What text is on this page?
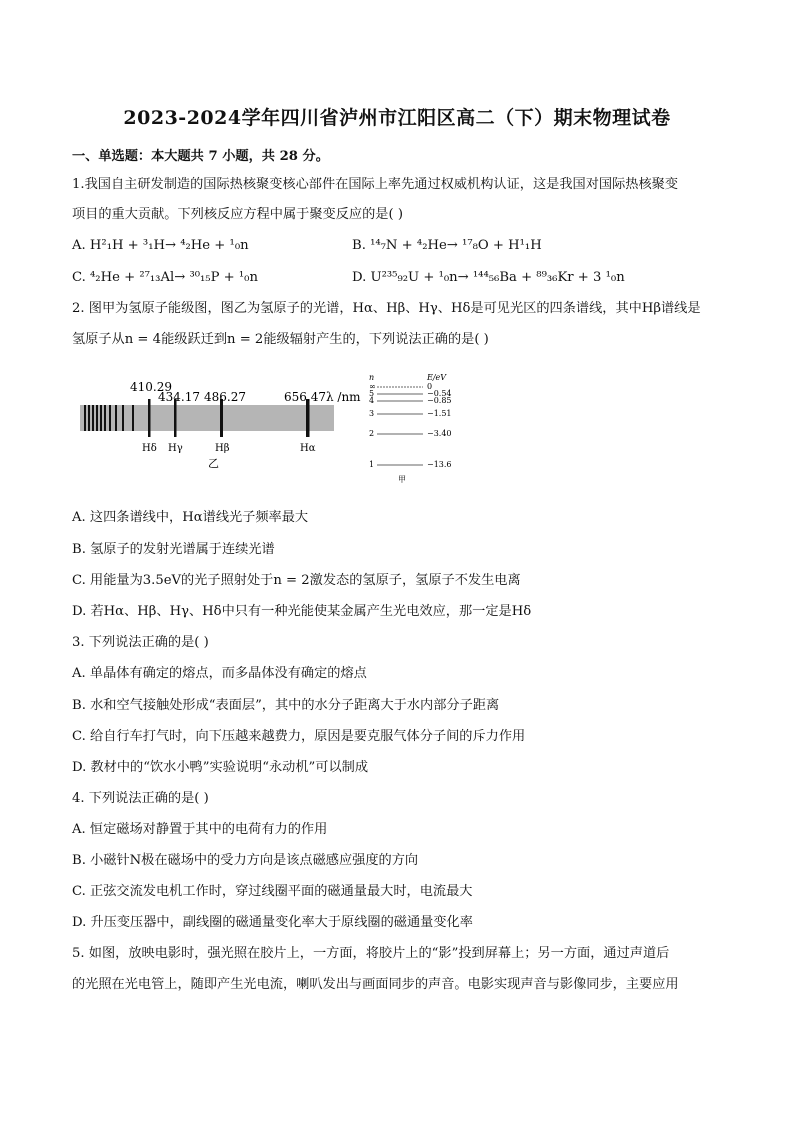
2023-2024学年四川省泸州市江阳区高二（下）期末物理试卷
一、单选题：本大题共 7 小题，共 28 分。
1.我国自主研发制造的国际热核聚变核心部件在国际上率先通过权威机构认证，这是我国对国际热核聚变
项目的重大贡献。下列核反应方程中属于聚变反应的是( )
A. H²₁H + ³₁H→ ⁴₂He + ¹₀n	B. ¹⁴₇N + ⁴₂He→ ¹⁷₈O + H¹₁H
C. ⁴₂He + ²⁷₁₃Al→ ³⁰₁₅P + ¹₀n	D. U²³⁵₉₂U + ¹₀n→ ¹⁴⁴₅₆Ba + ⁸⁹₃₆Kr + 3 ¹₀n
2. 图甲为氢原子能级图，图乙为氢原子的光谱，Hα、Hβ、Hγ、Hδ是可见光区的四条谱线，其中Hβ谱线是
氢原子从n = 4能级跃迁到n = 2能级辐射产生的，下列说法正确的是( )
410.29
434.17 486.27	656.47λ /nm
Hδ Hγ	Hβ	Hα
乙
n	E/eV
∞	0
5	−0.54
4	−0.85
3	−1.51
2	−3.40
1	−13.6
甲
A. 这四条谱线中，Hα谱线光子频率最大
B. 氢原子的发射光谱属于连续光谱
C. 用能量为3.5eV的光子照射处于n = 2激发态的氢原子，氢原子不发生电离
D. 若Hα、Hβ、Hγ、Hδ中只有一种光能使某金属产生光电效应，那一定是Hδ
3. 下列说法正确的是( )
A. 单晶体有确定的熔点，而多晶体没有确定的熔点
B. 水和空气接触处形成“表面层”，其中的水分子距离大于水内部分子距离
C. 给自行车打气时，向下压越来越费力，原因是要克服气体分子间的斥力作用
D. 教材中的“饮水小鸭”实验说明“永动机”可以制成
4. 下列说法正确的是( )
A. 恒定磁场对静置于其中的电荷有力的作用
B. 小磁针N极在磁场中的受力方向是该点磁感应强度的方向
C. 正弦交流发电机工作时，穿过线圈平面的磁通量最大时，电流最大
D. 升压变压器中，副线圈的磁通量变化率大于原线圈的磁通量变化率
5. 如图，放映电影时，强光照在胶片上，一方面，将胶片上的“影”投到屏幕上；另一方面，通过声道后
的光照在光电管上，随即产生光电流，喇叭发出与画面同步的声音。电影实现声音与影像同步，主要应用
